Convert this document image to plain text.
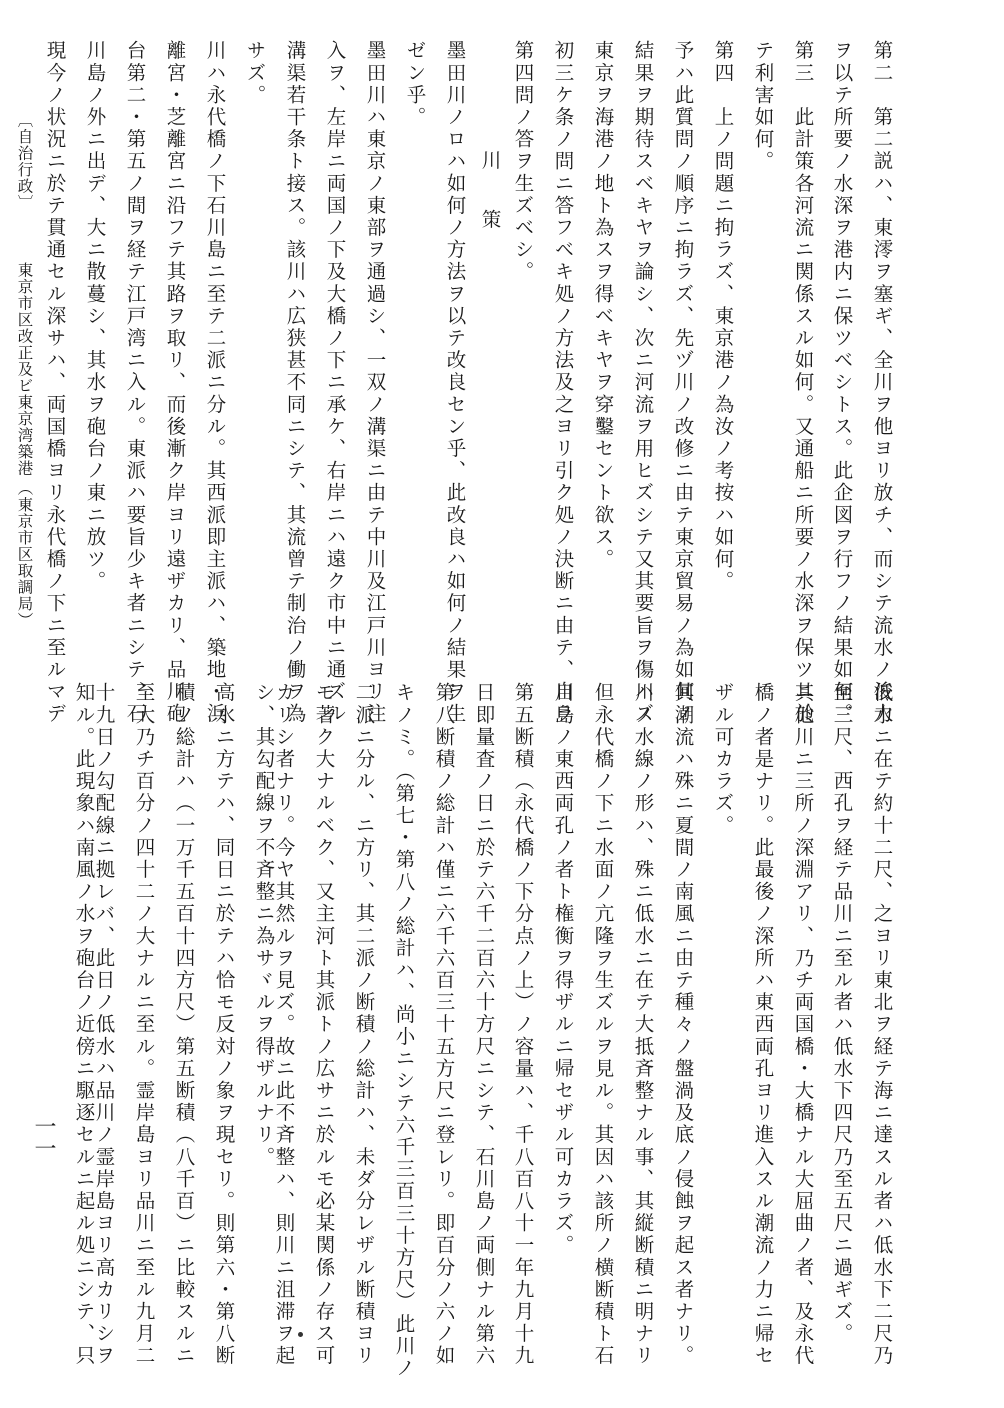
第二　第二説ハ、東澪ヲ塞ギ、全川ヲ他ヨリ放チ、而シテ流水ノ浚力
ヲ以テ所要ノ水深ヲ港内ニ保ツベシトス。此企図ヲ行フノ結果如何。
第三　此計策各河流ニ関係スル如何。又通船ニ所要ノ水深ヲ保ツニ於
テ利害如何。
第四　上ノ問題ニ拘ラズ、東京港ノ為汝ノ考按ハ如何。
予ハ此質問ノ順序ニ拘ラズ、先ヅ川ノ改修ニ由テ東京貿易ノ為如何ノ
結果ヲ期待スベキヤヲ論シ、次ニ河流ヲ用ヒズシテ又其要旨ヲ傷ハズ
東京ヲ海港ノ地ト為スヲ得ベキヤヲ穿鑿セント欲ス。
初三ケ条ノ問ニ答フベキ処ノ方法及之ヨリ引ク処ノ決断ニ由テ、自ラ
第四問ノ答ヲ生ズベシ。
川　策
墨田川ノロハ如何ノ方法ヲ以テ改良セン乎、此改良ハ如何ノ結果ヲ生
ゼン乎。
墨田川ハ東京ノ東部ヲ通過シ、一双ノ溝渠ニ由テ中川及江戸川ヨリ注
入ヲ、左岸ニ両国ノ下及大橋ノ下ニ承ケ、右岸ニハ遠ク市中ニ通ズル
溝渠若干条ト接ス。該川ハ広狭甚不同ニシテ、其流曾テ制治ノ働ヲ為
サズ。
川ハ永代橋ノ下石川島ニ至テ二派ニ分ル。其西派即主派ハ、築地・浜
離宮・芝離宮ニ沿フテ其路ヲ取リ、而後漸ク岸ヨリ遠ザカリ、品川砲
台第二・第五ノ間ヲ経テ江戸湾ニ入ル。東派ハ要旨少キ者ニシテ、石
川島ノ外ニ出デ、大ニ散蔓シ、其水ヲ砲台ノ東ニ放ツ。
現今ノ状況ニ於テ貫通セル深サハ、両国橋ヨリ永代橋ノ下ニ至ルマデ
低水ニ在テ約十二尺、之ヨリ東北ヲ経テ海ニ達スル者ハ低水下二尺乃
至三尺、西孔ヲ経テ品川ニ至ル者ハ低水下四尺乃至五尺ニ過ギズ。
其他川ニ三所ノ深淵アリ、乃チ両国橋・大橋ナル大屈曲ノ者、及永代
橋ノ者是ナリ。此最後ノ深所ハ東西両孔ヨリ進入スル潮流ノ力ニ帰セ
ザル可カラズ。
其潮流ハ殊ニ夏間ノ南風ニ由テ種々ノ盤渦及底ノ侵蝕ヲ起ス者ナリ。
川ノ水線ノ形ハ、殊ニ低水ニ在テ大抵斉整ナル事、其縦断積ニ明ナリ
但永代橋ノ下ニ水面ノ亢隆ヲ生ズルヲ見ル。其因ハ該所ノ横断積ト石
川島ノ東西両孔ノ者ト権衡ヲ得ザルニ帰セザル可カラズ。
第五断積（永代橋ノ下分点ノ上）ノ容量ハ、千八百八十一年九月十九
日即量査ノ日ニ於テ六千二百六十方尺ニシテ、石川島ノ両側ナル第六
第八断積ノ総計ハ僅ニ六千六百三十五方尺ニ登レリ。即百分ノ六ノ如
キノミ。（第七・第八ノ総計ハ、尚小ニシテ六千三百三十方尺）此川ノ
二派ニ分ル、ニ方リ、其二派ノ断積ノ総計ハ、未ダ分レザル断積ヨリ
モ著ク大ナルベク、又主河ト其派トノ広サニ於ルモ必某関係ノ存ス可
カリシ者ナリ。今ヤ其然ルヲ見ズ。故ニ此不斉整ハ、則川ニ沮滞ヲ起
シ、其勾配線ヲ不斉整ニ為サヾルヲ得ザルナリ。
高水ニ方テハ、同日ニ於テハ恰モ反対ノ象ヲ現セリ。則第六・第八断
積ノ総計ハ（一万千五百十四方尺）第五断積（八千百）ニ比較スルニ
至大乃チ百分ノ四十二ノ大ナルニ至ル。霊岸島ヨリ品川ニ至ル九月二
十九日ノ勾配線ニ拠レバ、此日ノ低水ハ品川ノ霊岸島ヨリ高カリシヲ
知ル。此現象ハ南風ノ水ヲ砲台ノ近傍ニ駆逐セルニ起ル処ニシテ、只
〔自治行政〕
東京市区改正及ビ東京湾築港
（東京市区取調局）
一一
